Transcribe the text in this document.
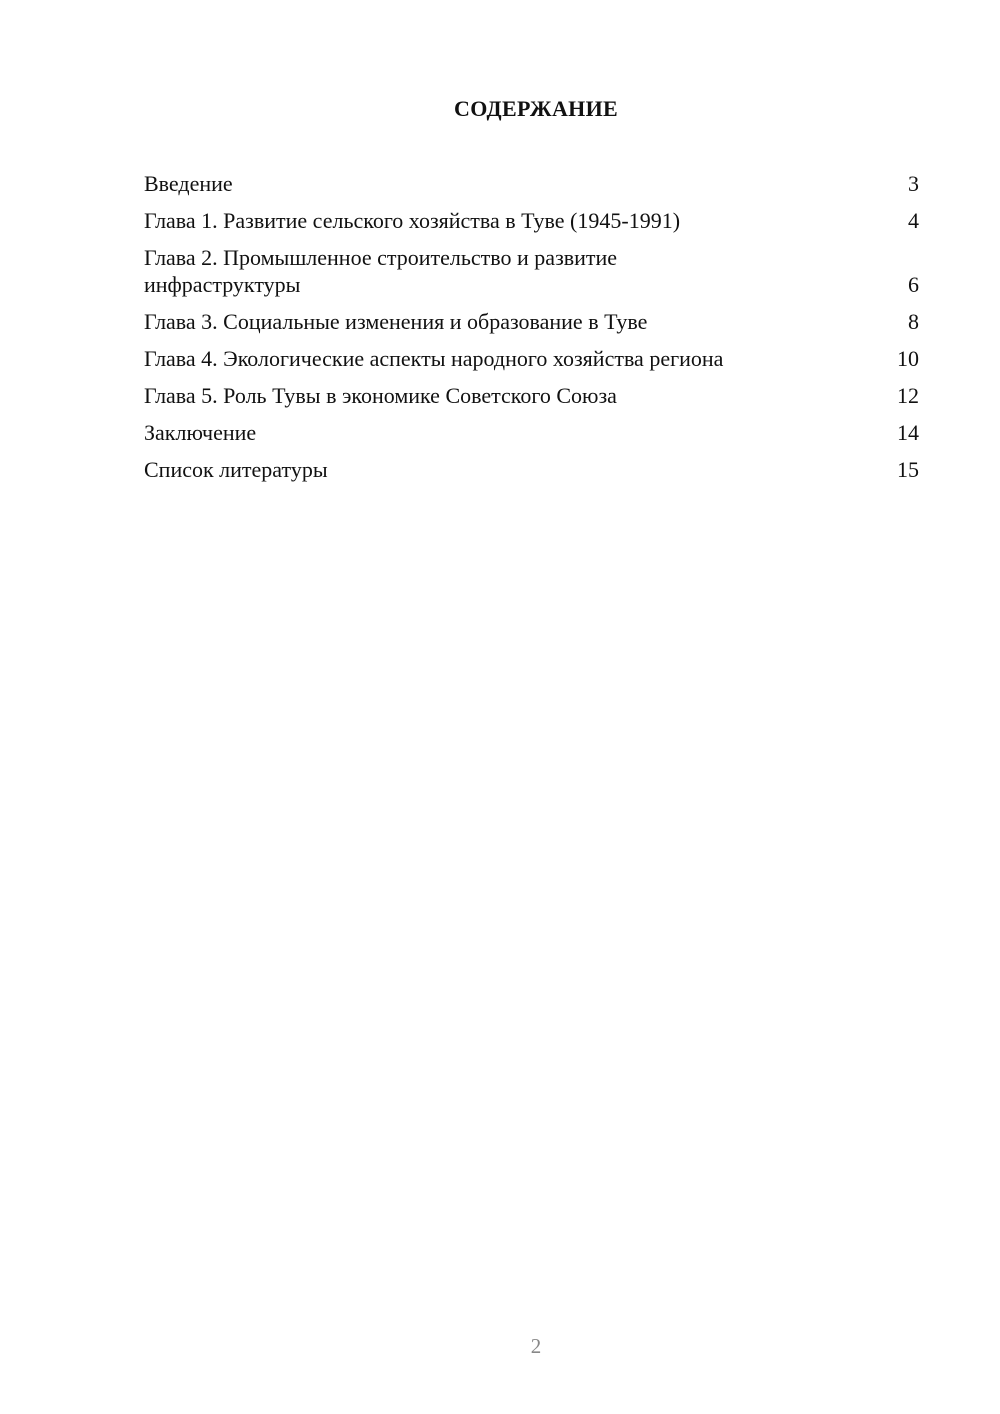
СОДЕРЖАНИЕ
Введение	3
Глава 1. Развитие сельского хозяйства в Туве (1945-1991)	4
Глава 2. Промышленное строительство и развитие инфраструктуры	6
Глава 3. Социальные изменения и образование в Туве	8
Глава 4. Экологические аспекты народного хозяйства региона	10
Глава 5. Роль Тувы в экономике Советского Союза	12
Заключение	14
Список литературы	15
2
